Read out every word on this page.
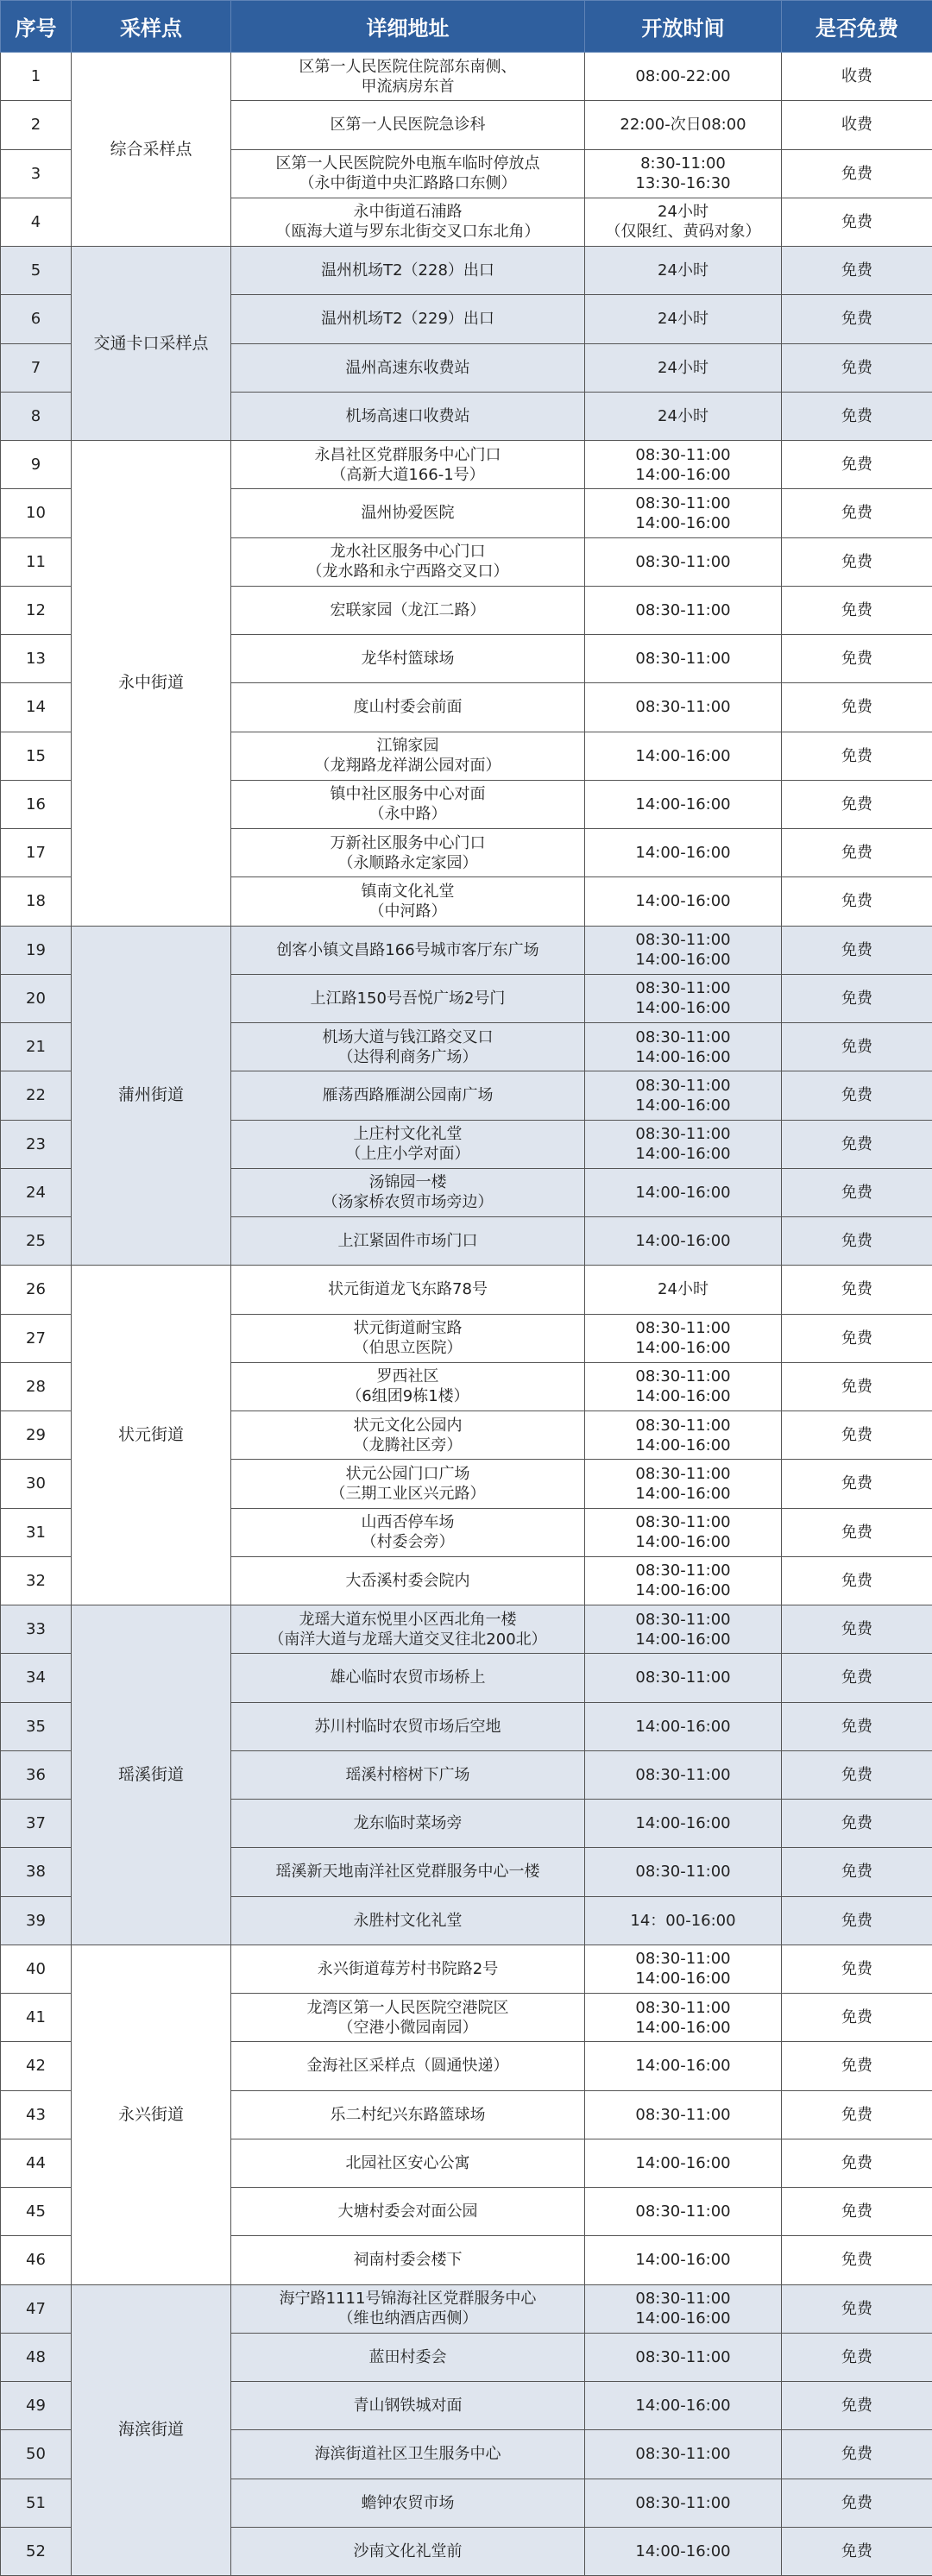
序号	采样点	详细地址	开放时间	是否免费
1	综合采样点	区第一人民医院住院部东南侧、
甲流病房东首	08:00-22:00	收费
2		区第一人民医院急诊科	22:00-次日08:00	收费
3		区第一人民医院院外电瓶车临时停放点
（永中街道中央汇路路口东侧）	8:30-11:00
13:30-16:30	免费
4		永中街道石浦路
（瓯海大道与罗东北街交叉口东北角）	24小时
（仅限红、黄码对象）	免费
5	交通卡口采样点	温州机场T2（228）出口	24小时	免费
6		温州机场T2（229）出口	24小时	免费
7		温州高速东收费站	24小时	免费
8		机场高速口收费站	24小时	免费
9	永中街道	永昌社区党群服务中心门口
（高新大道166-1号）	08:30-11:00
14:00-16:00	免费
10		温州协爱医院	08:30-11:00
14:00-16:00	免费
11		龙水社区服务中心门口
（龙水路和永宁西路交叉口）	08:30-11:00	免费
12		宏联家园（龙江二路）	08:30-11:00	免费
13		龙华村篮球场	08:30-11:00	免费
14		度山村委会前面	08:30-11:00	免费
15		江锦家园
（龙翔路龙祥湖公园对面）	14:00-16:00	免费
16		镇中社区服务中心对面
（永中路）	14:00-16:00	免费
17		万新社区服务中心门口
（永顺路永定家园）	14:00-16:00	免费
18		镇南文化礼堂
（中河路）	14:00-16:00	免费
19	蒲州街道	创客小镇文昌路166号城市客厅东广场	08:30-11:00
14:00-16:00	免费
20		上江路150号吾悦广场2号门	08:30-11:00
14:00-16:00	免费
21		机场大道与钱江路交叉口
（达得利商务广场）	08:30-11:00
14:00-16:00	免费
22		雁荡西路雁湖公园南广场	08:30-11:00
14:00-16:00	免费
23		上庄村文化礼堂
（上庄小学对面）	08:30-11:00
14:00-16:00	免费
24		汤锦园一楼
（汤家桥农贸市场旁边）	14:00-16:00	免费
25		上江紧固件市场门口	14:00-16:00	免费
26	状元街道	状元街道龙飞东路78号	24小时	免费
27		状元街道耐宝路
（伯思立医院）	08:30-11:00
14:00-16:00	免费
28		罗西社区
（6组团9栋1楼）	08:30-11:00
14:00-16:00	免费
29		状元文化公园内
（龙腾社区旁）	08:30-11:00
14:00-16:00	免费
30		状元公园门口广场
（三期工业区兴元路）	08:30-11:00
14:00-16:00	免费
31		山西否停车场
（村委会旁）	08:30-11:00
14:00-16:00	免费
32		大岙溪村委会院内	08:30-11:00
14:00-16:00	免费
33	瑶溪街道	龙瑶大道东悦里小区西北角一楼
（南洋大道与龙瑶大道交叉往北200北）	08:30-11:00
14:00-16:00	免费
34		雄心临时农贸市场桥上	08:30-11:00	免费
35		苏川村临时农贸市场后空地	14:00-16:00	免费
36		瑶溪村榕树下广场	08:30-11:00	免费
37		龙东临时菜场旁	14:00-16:00	免费
38		瑶溪新天地南洋社区党群服务中心一楼	08:30-11:00	免费
39		永胜村文化礼堂	14：00-16:00	免费
40	永兴街道	永兴街道莓芳村书院路2号	08:30-11:00
14:00-16:00	免费
41		龙湾区第一人民医院空港院区
（空港小微园南园）	08:30-11:00
14:00-16:00	免费
42		金海社区采样点（圆通快递）	14:00-16:00	免费
43		乐二村纪兴东路篮球场	08:30-11:00	免费
44		北园社区安心公寓	14:00-16:00	免费
45		大塘村委会对面公园	08:30-11:00	免费
46		祠南村委会楼下	14:00-16:00	免费
47	海滨街道	海宁路1111号锦海社区党群服务中心
（维也纳酒店西侧）	08:30-11:00
14:00-16:00	免费
48		蓝田村委会	08:30-11:00	免费
49		青山钢铁城对面	14:00-16:00	免费
50		海滨街道社区卫生服务中心	08:30-11:00	免费
51		蟾钟农贸市场	08:30-11:00	免费
52		沙南文化礼堂前	14:00-16:00	免费
